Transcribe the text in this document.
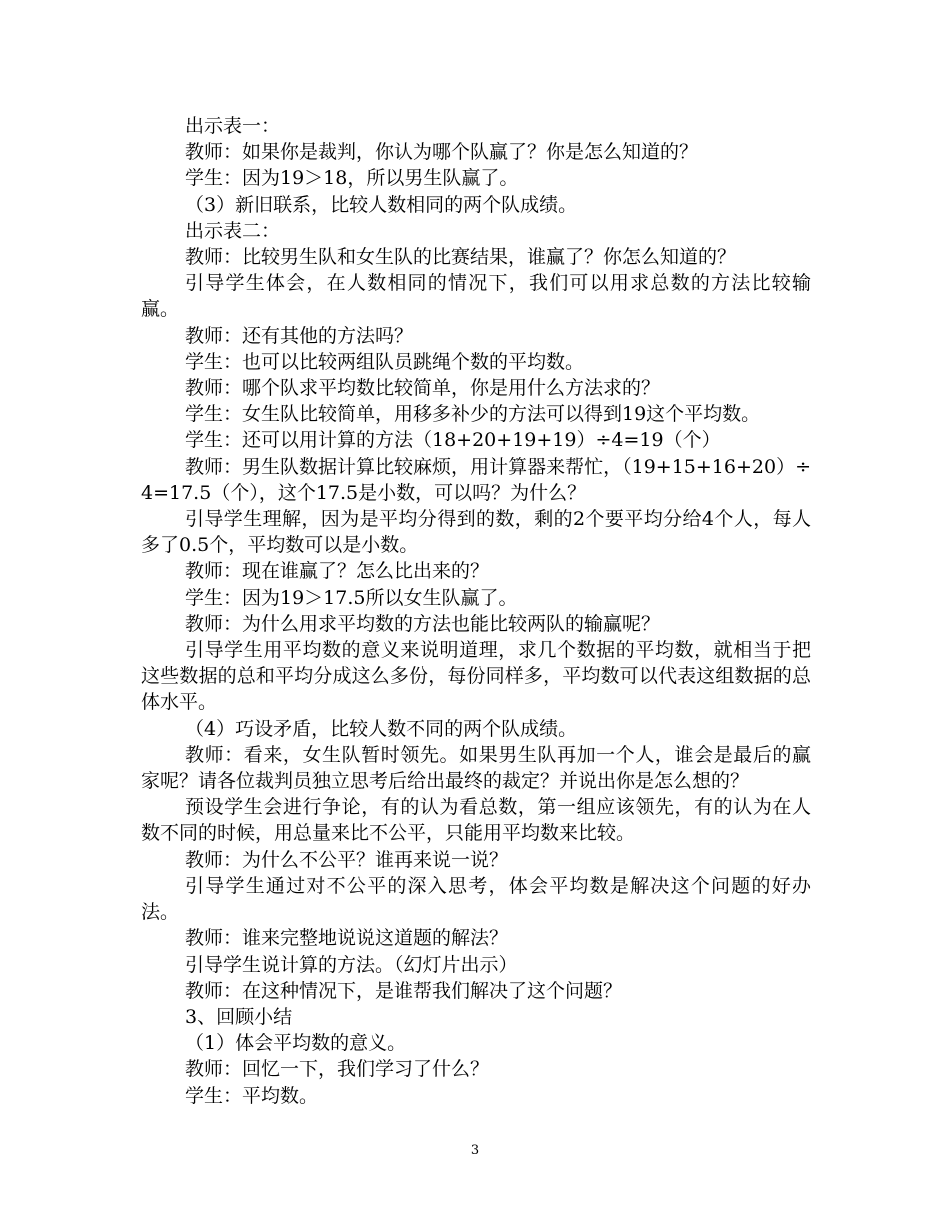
出示表一：

教师：如果你是裁判，你认为哪个队赢了？你是怎么知道的？

学生：因为19＞18，所以男生队赢了。

（3）新旧联系，比较人数相同的两个队成绩。

出示表二：

教师：比较男生队和女生队的比赛结果，谁赢了？你怎么知道的？

引导学生体会，在人数相同的情况下，我们可以用求总数的方法比较输赢。

教师：还有其他的方法吗？

学生：也可以比较两组队员跳绳个数的平均数。

教师：哪个队求平均数比较简单，你是用什么方法求的？

学生：女生队比较简单，用移多补少的方法可以得到19这个平均数。

学生：还可以用计算的方法（18+20+19+19）÷4=19（个）

教师：男生队数据计算比较麻烦，用计算器来帮忙，（19+15+16+20）÷4=17.5（个），这个17.5是小数，可以吗？为什么？

引导学生理解，因为是平均分得到的数，剩的2个要平均分给4个人，每人多了0.5个，平均数可以是小数。

教师：现在谁赢了？怎么比出来的？

学生：因为19＞17.5所以女生队赢了。

教师：为什么用求平均数的方法也能比较两队的输赢呢？

引导学生用平均数的意义来说明道理，求几个数据的平均数，就相当于把这些数据的总和平均分成这么多份，每份同样多，平均数可以代表这组数据的总体水平。

（4）巧设矛盾，比较人数不同的两个队成绩。

教师：看来，女生队暂时领先。如果男生队再加一个人，谁会是最后的赢家呢？请各位裁判员独立思考后给出最终的裁定？并说出你是怎么想的？

预设学生会进行争论，有的认为看总数，第一组应该领先，有的认为在人数不同的时候，用总量来比不公平，只能用平均数来比较。

教师：为什么不公平？谁再来说一说？

引导学生通过对不公平的深入思考，体会平均数是解决这个问题的好办法。

教师：谁来完整地说说这道题的解法？

引导学生说计算的方法。（幻灯片出示）

教师：在这种情况下，是谁帮我们解决了这个问题？

3、回顾小结

（1）体会平均数的意义。

教师：回忆一下，我们学习了什么？

学生：平均数。

3
